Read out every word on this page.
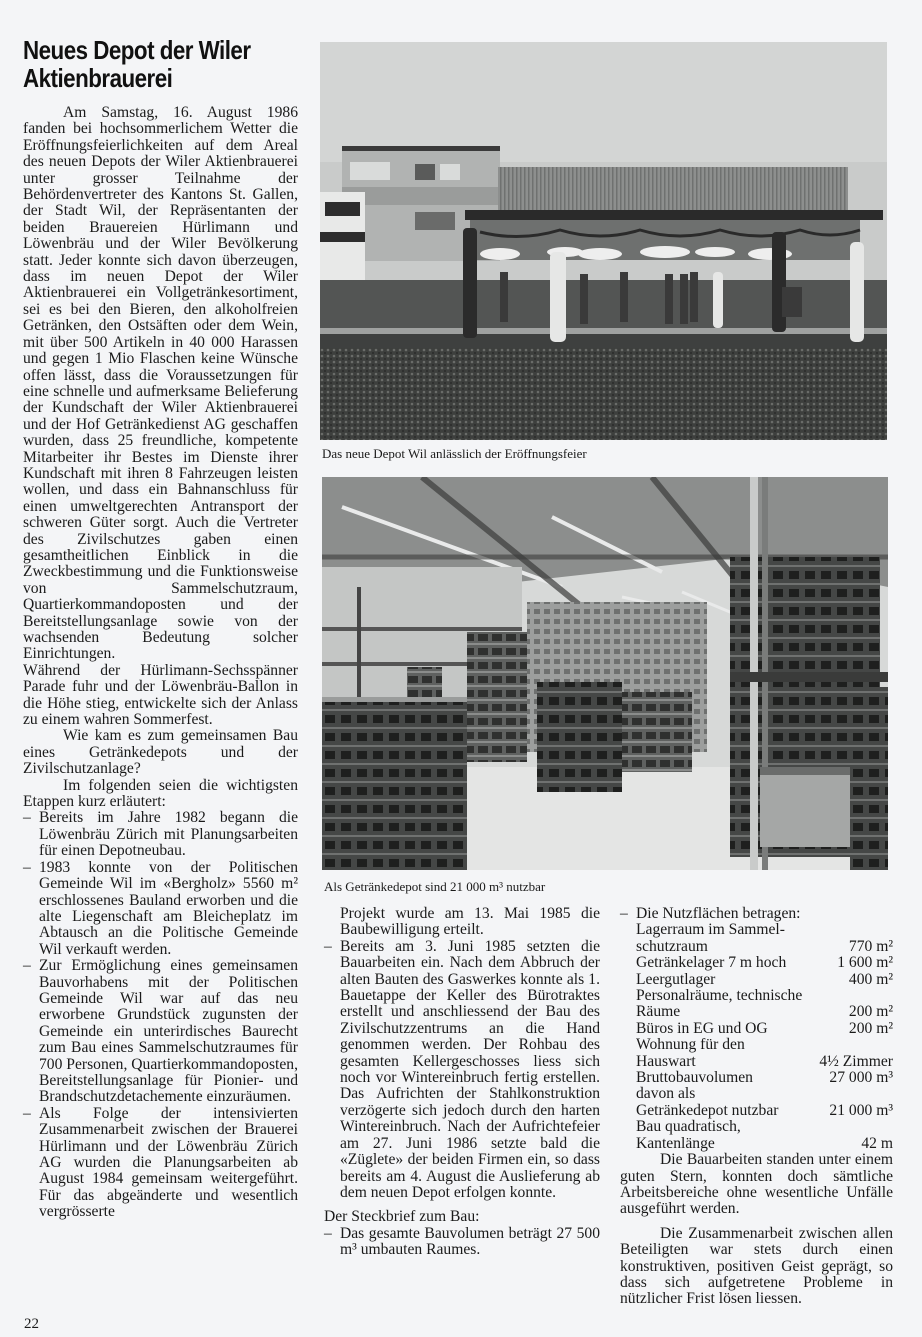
Neues Depot der Wiler
Aktienbrauerei

Am Samstag, 16. August 1986 fanden bei hochsommerlichem Wetter die Eröffnungsfeierlichkeiten auf dem Areal des neuen Depots der Wiler Aktienbrauerei unter grosser Teilnahme der Behördenvertreter des Kantons St. Gallen, der Stadt Wil, der Repräsentanten der beiden Brauereien Hürlimann und Löwenbräu und der Wiler Bevölkerung statt. Jeder konnte sich davon überzeugen, dass im neuen Depot der Wiler Aktienbrauerei ein Vollgetränkesortiment, sei es bei den Bieren, den alkoholfreien Getränken, den Ostsäften oder dem Wein, mit über 500 Artikeln in 40 000 Harassen und gegen 1 Mio Flaschen keine Wünsche offen lässt, dass die Voraussetzungen für eine schnelle und aufmerksame Belieferung der Kundschaft der Wiler Aktienbrauerei und der Hof Getränkedienst AG geschaffen wurden, dass 25 freundliche, kompetente Mitarbeiter ihr Bestes im Dienste ihrer Kundschaft mit ihren 8 Fahrzeugen leisten wollen, und dass ein Bahnanschluss für einen umweltgerechten Antransport der schweren Güter sorgt. Auch die Vertreter des Zivilschutzes gaben einen gesamtheitlichen Einblick in die Zweckbestimmung und die Funktionsweise von Sammelschutzraum, Quartierkommandoposten und der Bereitstellungsanlage sowie von der wachsenden Bedeutung solcher Einrichtungen.

Während der Hürlimann-Sechsspänner Parade fuhr und der Löwenbräu-Ballon in die Höhe stieg, entwickelte sich der Anlass zu einem wahren Sommerfest.

Wie kam es zum gemeinsamen Bau eines Getränkedepots und der Zivilschutzanlage?

Im folgenden seien die wichtigsten Etappen kurz erläutert:

– Bereits im Jahre 1982 begann die Löwenbräu Zürich mit Planungsarbeiten für einen Depotneubau.
– 1983 konnte von der Politischen Gemeinde Wil im «Bergholz» 5560 m² erschlossenes Bauland erworben und die alte Liegenschaft am Bleicheplatz im Abtausch an die Politische Gemeinde Wil verkauft werden.
– Zur Ermöglichung eines gemeinsamen Bauvorhabens mit der Politischen Gemeinde Wil war auf das neu erworbene Grundstück zugunsten der Gemeinde ein unterirdisches Baurecht zum Bau eines Sammelschutzraumes für 700 Personen, Quartierkommandoposten, Bereitstellungsanlage für Pionier- und Brandschutzdetachemente einzuräumen.
– Als Folge der intensivierten Zusammenarbeit zwischen der Brauerei Hürlimann und der Löwenbräu Zürich AG wurden die Planungsarbeiten ab August 1984 gemeinsam weitergeführt. Für das abgeänderte und wesentlich vergrösserte
Das neue Depot Wil anlässlich der Eröffnungsfeier
Als Getränkedepot sind 21 000 m³ nutzbar

Projekt wurde am 13. Mai 1985 die Baubewilligung erteilt.

– Bereits am 3. Juni 1985 setzten die Bauarbeiten ein. Nach dem Abbruch der alten Bauten des Gaswerkes konnte als 1. Bauetappe der Keller des Bürotraktes erstellt und anschliessend der Bau des Zivilschutzzentrums an die Hand genommen werden. Der Rohbau des gesamten Kellergeschosses liess sich noch vor Wintereinbruch fertig erstellen. Das Aufrichten der Stahlkonstruktion verzögerte sich jedoch durch den harten Wintereinbruch. Nach der Aufrichtefeier am 27. Juni 1986 setzte bald die «Züglete» der beiden Firmen ein, so dass bereits am 4. August die Auslieferung ab dem neuen Depot erfolgen konnte.

Der Steckbrief zum Bau:

– Das gesamte Bauvolumen beträgt 27 500 m³ umbauten Raumes.
– Die Nutzflächen betragen:
Lagerraum im Sammel-
schutzraum	770 m²
Getränkelager 7 m hoch	1 600 m²
Leergutlager	400 m²
Personalräume, technische
Räume	200 m²
Büros in EG und OG	200 m²
Wohnung für den
Hauswart	4½ Zimmer
Bruttobauvolumen	27 000 m³
davon als
Getränkedepot nutzbar	21 000 m³
Bau quadratisch,
Kantenlänge	42 m

Die Bauarbeiten standen unter einem guten Stern, konnten doch sämtliche Arbeitsbereiche ohne wesentliche Unfälle ausgeführt werden.

Die Zusammenarbeit zwischen allen Beteiligten war stets durch einen konstruktiven, positiven Geist geprägt, so dass sich aufgetretene Probleme in nützlicher Frist lösen liessen.

22
